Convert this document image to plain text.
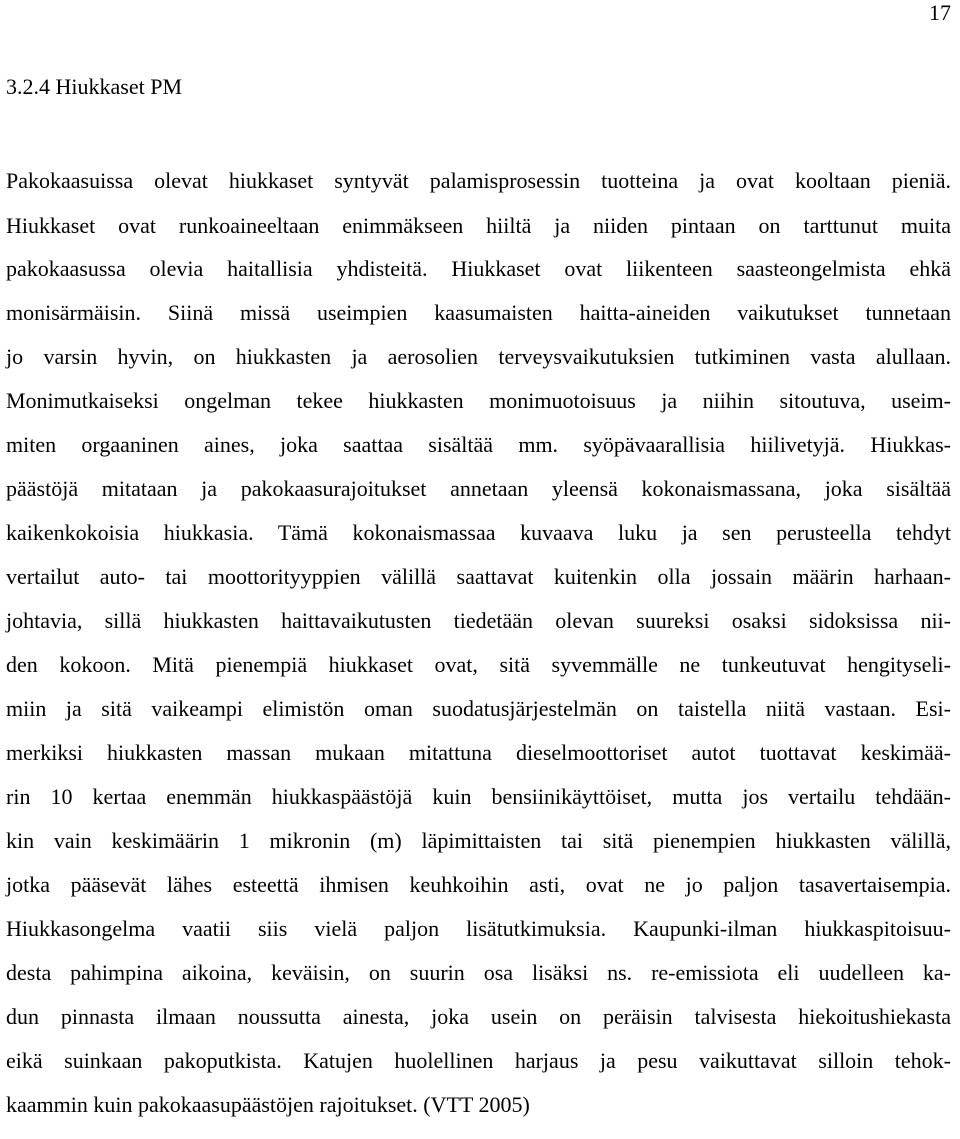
17
3.2.4 Hiukkaset PM
Pakokaasuissa olevat hiukkaset syntyvät palamisprosessin tuotteina ja ovat kooltaan pieniä.
Hiukkaset ovat runkoaineeltaan enimmäkseen hiiltä ja niiden pintaan on tarttunut muita
pakokaasussa olevia haitallisia yhdisteitä. Hiukkaset ovat liikenteen saasteongelmista ehkä
monisärmäisin. Siinä missä useimpien kaasumaisten haitta-aineiden vaikutukset tunnetaan
jo varsin hyvin, on hiukkasten ja aerosolien terveysvaikutuksien tutkiminen vasta alullaan.
Monimutkaiseksi ongelman tekee hiukkasten monimuotoisuus ja niihin sitoutuva, useim-
miten orgaaninen aines, joka saattaa sisältää mm. syöpävaarallisia hiilivetyjä. Hiukkas-
päästöjä mitataan ja pakokaasurajoitukset annetaan yleensä kokonaismassana, joka sisältää
kaikenkokoisia hiukkasia. Tämä kokonaismassaa kuvaava luku ja sen perusteella tehdyt
vertailut auto- tai moottorityyppien välillä saattavat kuitenkin olla jossain määrin harhaan-
johtavia, sillä hiukkasten haittavaikutusten tiedetään olevan suureksi osaksi sidoksissa nii-
den kokoon. Mitä pienempiä hiukkaset ovat, sitä syvemmälle ne tunkeutuvat hengityseli-
miin ja sitä vaikeampi elimistön oman suodatusjärjestelmän on taistella niitä vastaan. Esi-
merkiksi hiukkasten massan mukaan mitattuna dieselmoottoriset autot tuottavat keskimää-
rin 10 kertaa enemmän hiukkaspäästöjä kuin bensiinikäyttöiset, mutta jos vertailu tehdään-
kin vain keskimäärin 1 mikronin (m) läpimittaisten tai sitä pienempien hiukkasten välillä,
jotka pääsevät lähes esteettä ihmisen keuhkoihin asti, ovat ne jo paljon tasavertaisempia.
Hiukkasongelma vaatii siis vielä paljon lisätutkimuksia. Kaupunki-ilman hiukkaspitoisuu-
desta pahimpina aikoina, keväisin, on suurin osa lisäksi ns. re-emissiota eli uudelleen ka-
dun pinnasta ilmaan noussutta ainesta, joka usein on peräisin talvisesta hiekoitushiekasta
eikä suinkaan pakoputkista. Katujen huolellinen harjaus ja pesu vaikuttavat silloin tehok-
kaammin kuin pakokaasupäästöjen rajoitukset. (VTT 2005)
